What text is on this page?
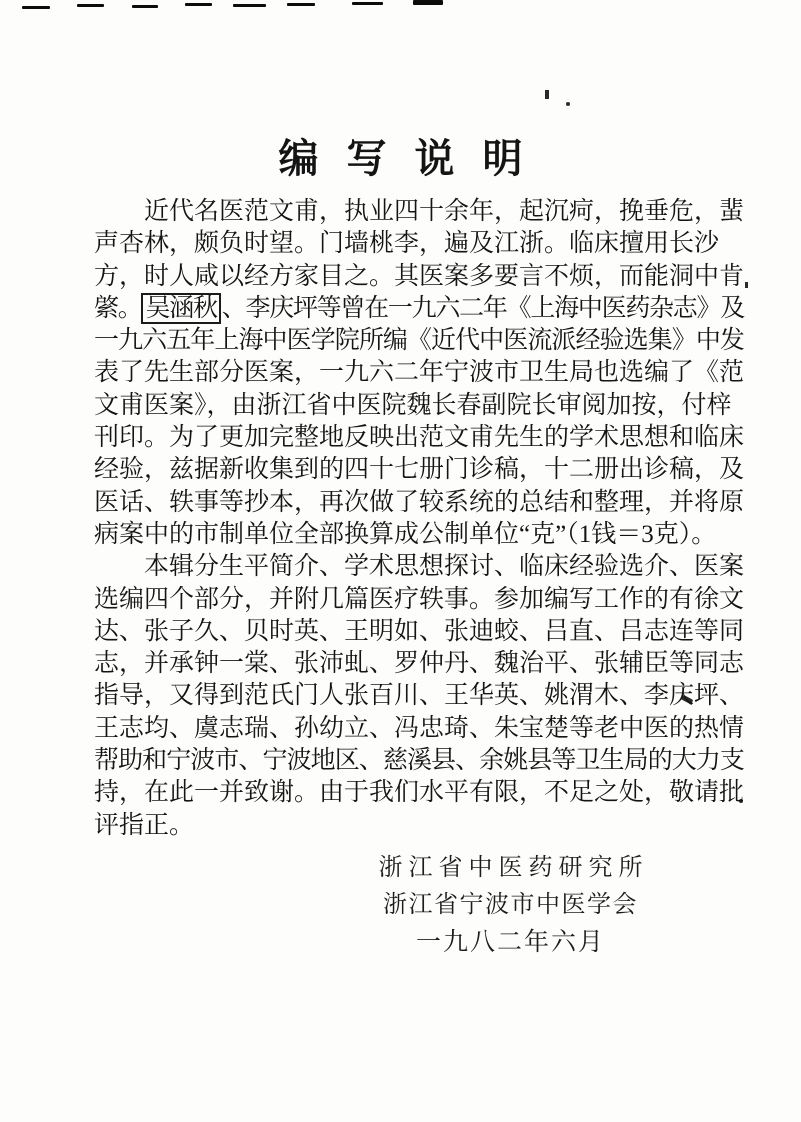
编写说明
近代名医范文甫，执业四十余年，起沉疴，挽垂危，蜚
声杏林，颇负时望。门墙桃李，遍及江浙。临床擅用长沙
方，时人咸以经方家目之。其医案多要言不烦，而能洞中肯
綮。 吴涵秋 、李庆坪等曾在一九六二年《上海中医药杂志》及
一九六五年上海中医学院所编《近代中医流派经验选集》中发
表了先生部分医案，一九六二年宁波市卫生局也选编了《范
文甫医案》，由浙江省中医院魏长春副院长审阅加按，付梓
刊印。为了更加完整地反映出范文甫先生的学术思想和临床
经验，兹据新收集到的四十七册门诊稿，十二册出诊稿，及
医话、轶事等抄本，再次做了较系统的总结和整理，并将原
病案中的市制单位全部换算成公制单位“克”（1钱＝3克）。
本辑分生平简介、学术思想探讨、临床经验选介、医案
选编四个部分，并附几篇医疗轶事。参加编写工作的有徐文
达、张子久、贝时英、王明如、张迪蛟、吕直、吕志连等同
志，并承钟一棠、张沛虬、罗仲丹、魏治平、张辅臣等同志
指导，又得到范氏门人张百川、王华英、姚渭木、李庆坪、
王志均、虞志瑞、孙幼立、冯忠琦、朱宝楚等老中医的热情
帮助和宁波市、宁波地区、慈溪县、余姚县等卫生局的大力支
持，在此一并致谢。由于我们水平有限，不足之处，敬请批
评指正。
浙江省中医药研究所
浙江省宁波市中医学会
一九八二年六月
